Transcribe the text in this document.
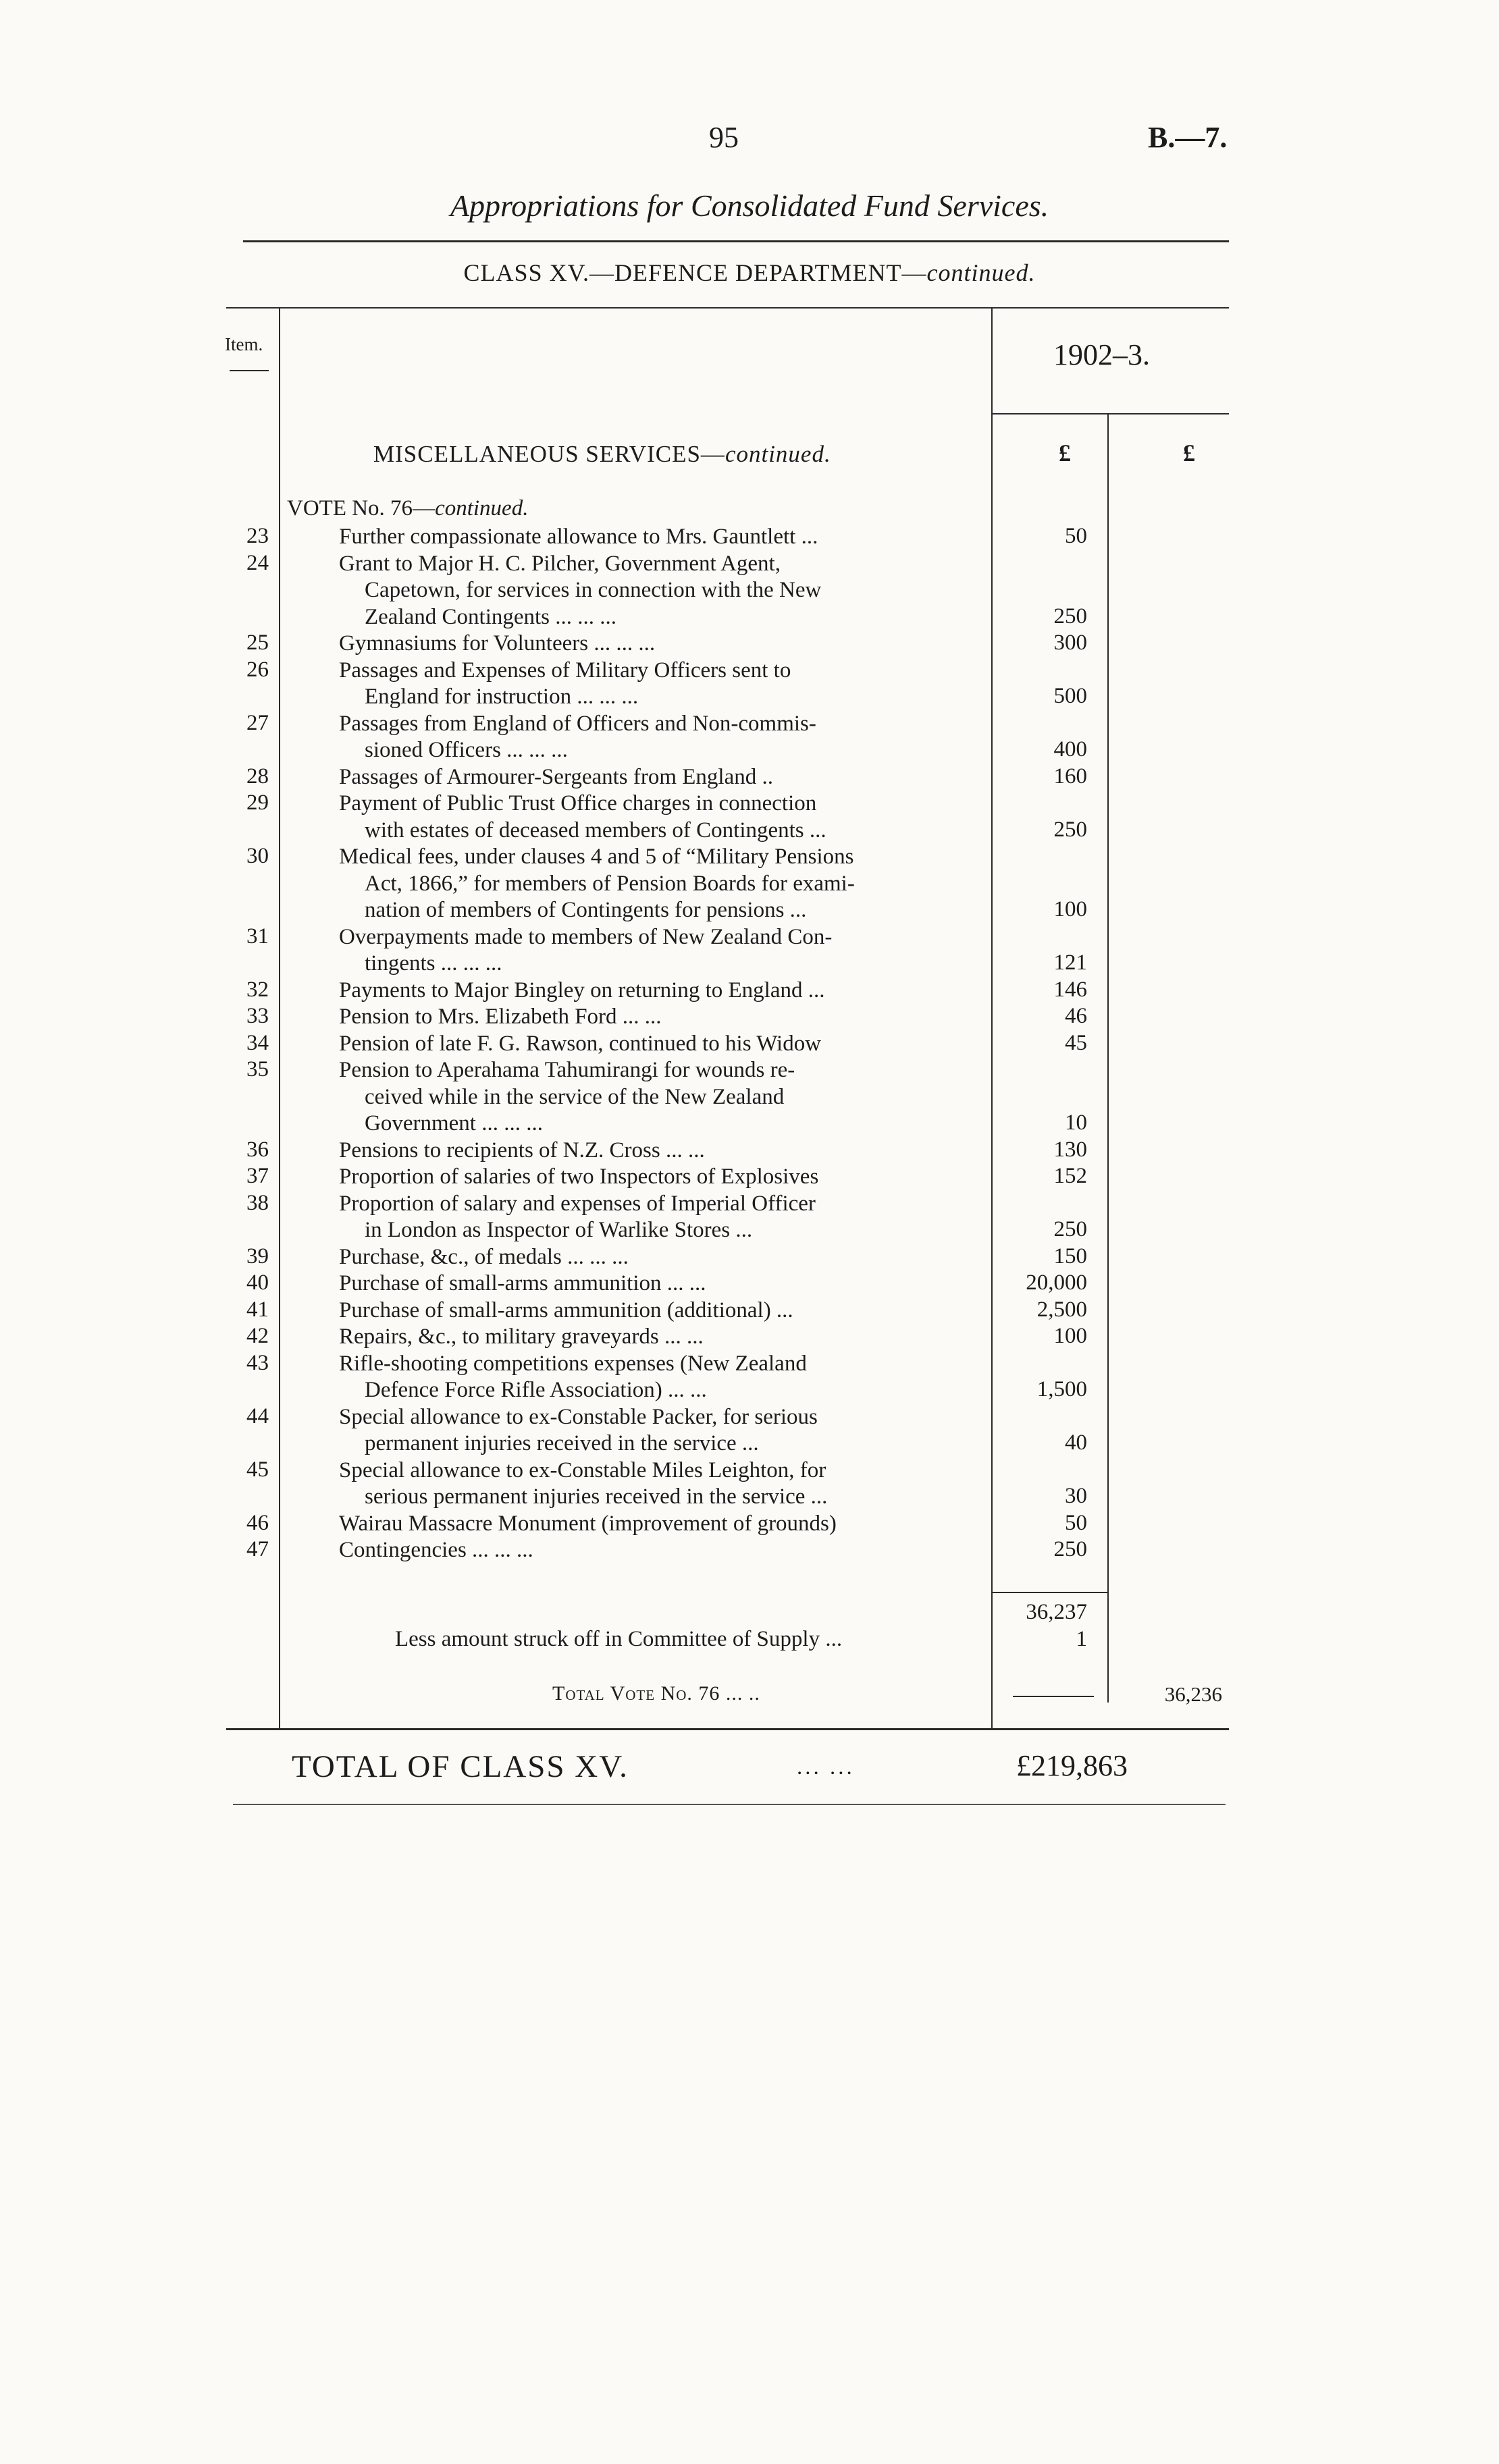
95	B.—7.
Appropriations for Consolidated Fund Services.
CLASS XV.—DEFENCE DEPARTMENT—continued.
Item.	1902–3.
£	£
MISCELLANEOUS SERVICES—continued.
VOTE No. 76—continued.
23	Further compassionate allowance to Mrs. Gauntlett ...	50
24	Grant to Major H. C. Pilcher, Government Agent,
Capetown, for services in connection with the New
Zealand Contingents ... ... ...	250
25	Gymnasiums for Volunteers ... ... ...	300
26	Passages and Expenses of Military Officers sent to
England for instruction ... ... ...	500
27	Passages from England of Officers and Non-commis-
sioned Officers ... ... ...	400
28	Passages of Armourer-Sergeants from England ..	160
29	Payment of Public Trust Office charges in connection
with estates of deceased members of Contingents ...	250
30	Medical fees, under clauses 4 and 5 of “Military Pensions
Act, 1866,” for members of Pension Boards for exami-
nation of members of Contingents for pensions ...	100
31	Overpayments made to members of New Zealand Con-
tingents ... ... ...	121
32	Payments to Major Bingley on returning to England ...	146
33	Pension to Mrs. Elizabeth Ford ... ...	46
34	Pension of late F. G. Rawson, continued to his Widow	45
35	Pension to Aperahama Tahumirangi for wounds re-
ceived while in the service of the New Zealand
Government ... ... ...	10
36	Pensions to recipients of N.Z. Cross ... ...	130
37	Proportion of salaries of two Inspectors of Explosives	152
38	Proportion of salary and expenses of Imperial Officer
in London as Inspector of Warlike Stores ...	250
39	Purchase, &c., of medals ... ... ...	150
40	Purchase of small-arms ammunition ... ...	20,000
41	Purchase of small-arms ammunition (additional) ...	2,500
42	Repairs, &c., to military graveyards ... ...	100
43	Rifle-shooting competitions expenses (New Zealand
Defence Force Rifle Association) ... ...	1,500
44	Special allowance to ex-Constable Packer, for serious
permanent injuries received in the service ...	40
45	Special allowance to ex-Constable Miles Leighton, for
serious permanent injuries received in the service ...	30
46	Wairau Massacre Monument (improvement of grounds)	50
47	Contingencies ... ... ...	250
36,237
Less amount struck off in Committee of Supply ...	1
Total Vote No. 76 ... ..	36,236
TOTAL OF CLASS XV.	... ...	£219,863
